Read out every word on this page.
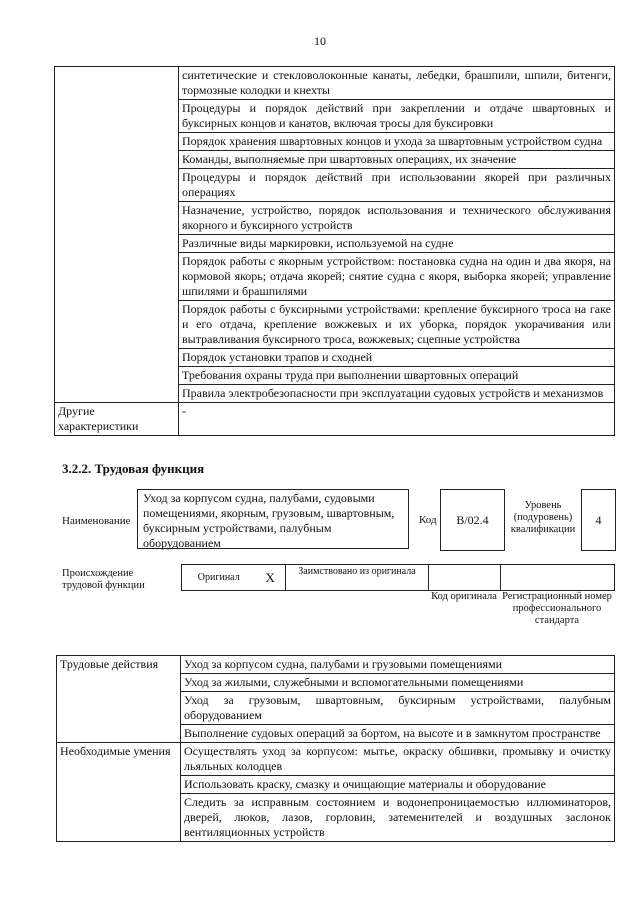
10
	синтетические и стекловолоконные канаты, лебедки, брашпили, шпили, битенги, тормозные колодки и кнехты
	Процедуры и порядок действий при закреплении и отдаче швартовных и буксирных концов и канатов, включая тросы для буксировки
	Порядок хранения швартовных концов и ухода за швартовным устройством судна
	Команды, выполняемые при швартовных операциях, их значение
	Процедуры и порядок действий при использовании якорей при различных операциях
	Назначение, устройство, порядок использования и технического обслуживания якорного и буксирного устройств
	Различные виды маркировки, используемой на судне
	Порядок работы с якорным устройством: постановка судна на один и два якоря, на кормовой якорь; отдача якорей; снятие судна с якоря, выборка якорей; управление шпилями и брашпилями
	Порядок работы с буксирными устройствами: крепление буксирного троса на гаке и его отдача, крепление вожжевых и их уборка, порядок укорачивания или вытравливания буксирного троса, вожжевых; сцепные устройства
	Порядок установки трапов и сходней
	Требования охраны труда при выполнении швартовных операций
	Правила электробезопасности при эксплуатации судовых устройств и механизмов
Другие характеристики	-
3.2.2. Трудовая функция
Наименование
Уход за корпусом судна, палубами, судовыми помещениями, якорным, грузовым, швартовным, буксирным устройствами, палубным оборудованием
Код	B/02.4
Уровень (подуровень) квалификации
4
Происхождение трудовой функции
Оригинал	X	Заимствовано из оригинала		
Код оригинала Регистрационный номер профессионального стандарта
Трудовые действия	Уход за корпусом судна, палубами и грузовыми помещениями
	Уход за жилыми, служебными и вспомогательными помещениями
	Уход за грузовым, швартовным, буксирным устройствами, палубным оборудованием
	Выполнение судовых операций за бортом, на высоте и в замкнутом пространстве
Необходимые умения	Осуществлять уход за корпусом: мытье, окраску обшивки, промывку и очистку льяльных колодцев
	Использовать краску, смазку и очищающие материалы и оборудование
	Следить за исправным состоянием и водонепроницаемостью иллюминаторов, дверей, люков, лазов, горловин, затеменителей и воздушных заслонок вентиляционных устройств
